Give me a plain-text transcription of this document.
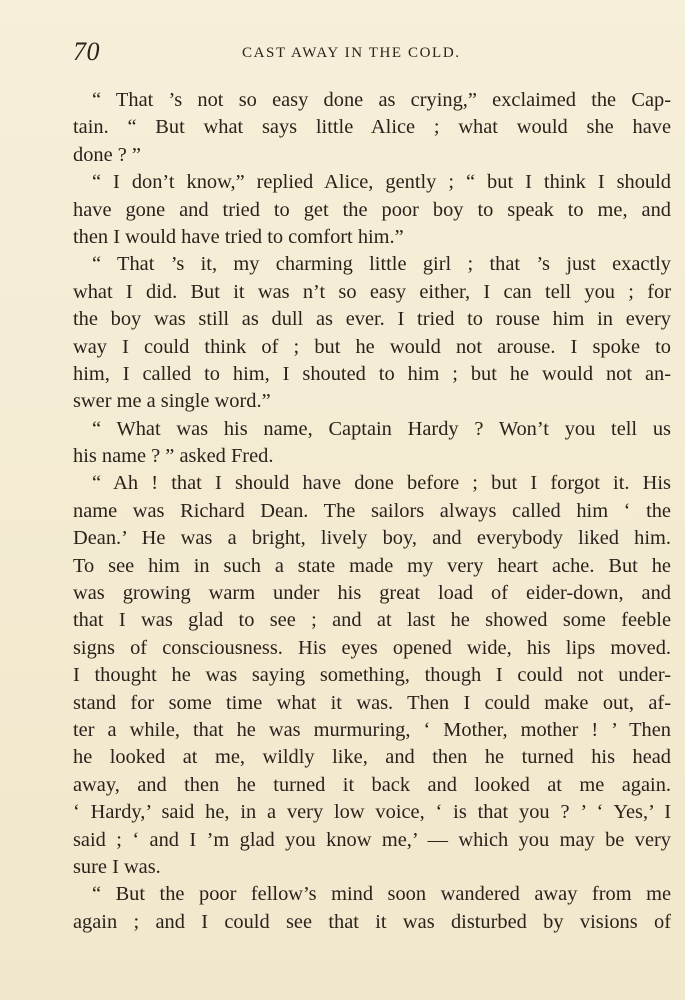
70	CAST AWAY IN THE COLD.
“ That ’s not so easy done as crying,” exclaimed the Cap-
tain. “ But what says little Alice ; what would she have
done ? ”
“ I don’t know,” replied Alice, gently ; “ but I think I should
have gone and tried to get the poor boy to speak to me, and
then I would have tried to comfort him.”
“ That ’s it, my charming little girl ; that ’s just exactly
what I did. But it was n’t so easy either, I can tell you ; for
the boy was still as dull as ever. I tried to rouse him in every
way I could think of ; but he would not arouse. I spoke to
him, I called to him, I shouted to him ; but he would not an-
swer me a single word.”
“ What was his name, Captain Hardy ? Won’t you tell us
his name ? ” asked Fred.
“ Ah ! that I should have done before ; but I forgot it. His
name was Richard Dean. The sailors always called him ‘ the
Dean.’ He was a bright, lively boy, and everybody liked him.
To see him in such a state made my very heart ache. But he
was growing warm under his great load of eider-down, and
that I was glad to see ; and at last he showed some feeble
signs of consciousness. His eyes opened wide, his lips moved.
I thought he was saying something, though I could not under-
stand for some time what it was. Then I could make out, af-
ter a while, that he was murmuring, ‘ Mother, mother ! ’ Then
he looked at me, wildly like, and then he turned his head
away, and then he turned it back and looked at me again.
‘ Hardy,’ said he, in a very low voice, ‘ is that you ? ’ ‘ Yes,’ I
said ; ‘ and I ’m glad you know me,’ — which you may be very
sure I was.
“ But the poor fellow’s mind soon wandered away from me
again ; and I could see that it was disturbed by visions of
